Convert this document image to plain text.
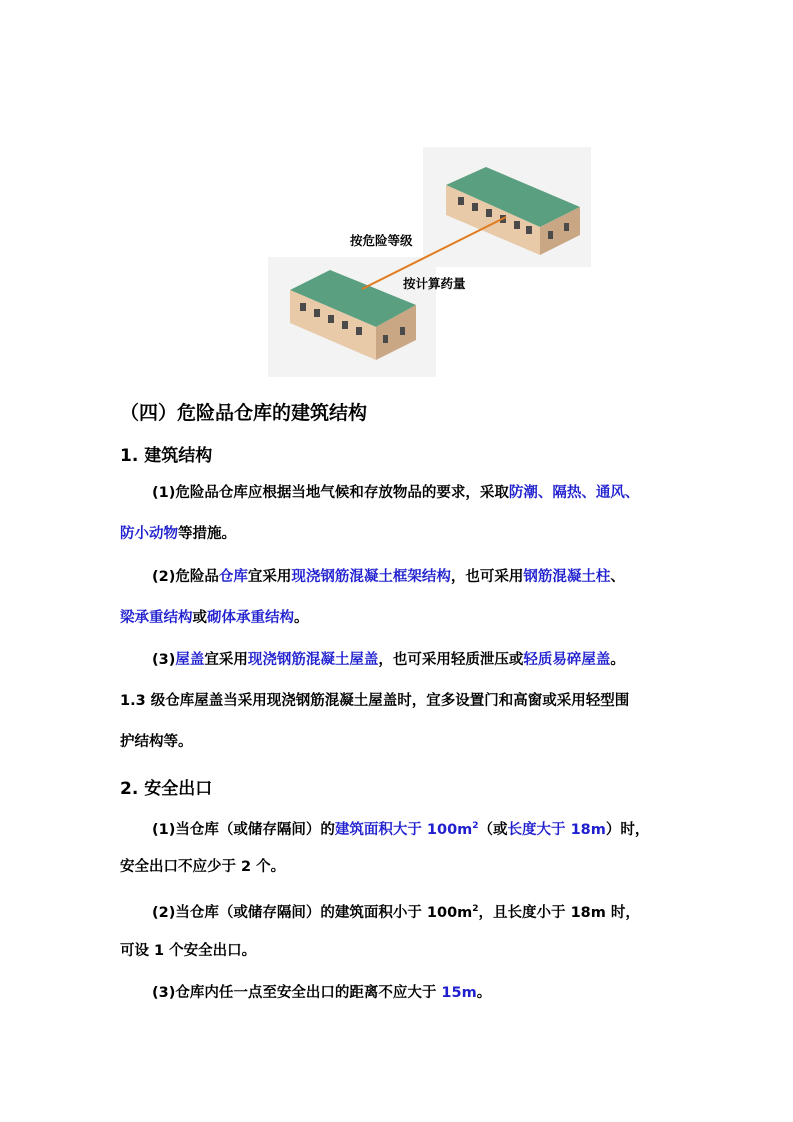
按危险等级
按计算药量
（四）危险品仓库的建筑结构
1. 建筑结构
(1)危险品仓库应根据当地气候和存放物品的要求，采取防潮、隔热、通风、
防小动物等措施。
(2)危险品仓库宜采用现浇钢筋混凝土框架结构，也可采用钢筋混凝土柱、
梁承重结构或砌体承重结构。
(3)屋盖宜采用现浇钢筋混凝土屋盖，也可采用轻质泄压或轻质易碎屋盖。
1.3 级仓库屋盖当采用现浇钢筋混凝土屋盖时，宜多设置门和高窗或采用轻型围
护结构等。
2. 安全出口
(1)当仓库（或储存隔间）的建筑面积大于 $100m^2$（或长度大于 18m）时，
安全出口不应少于 2 个。
(2)当仓库（或储存隔间）的建筑面积小于 $100m^2$，且长度小于 18m 时，
可设 1 个安全出口。
(3)仓库内任一点至安全出口的距离不应大于 15m。
